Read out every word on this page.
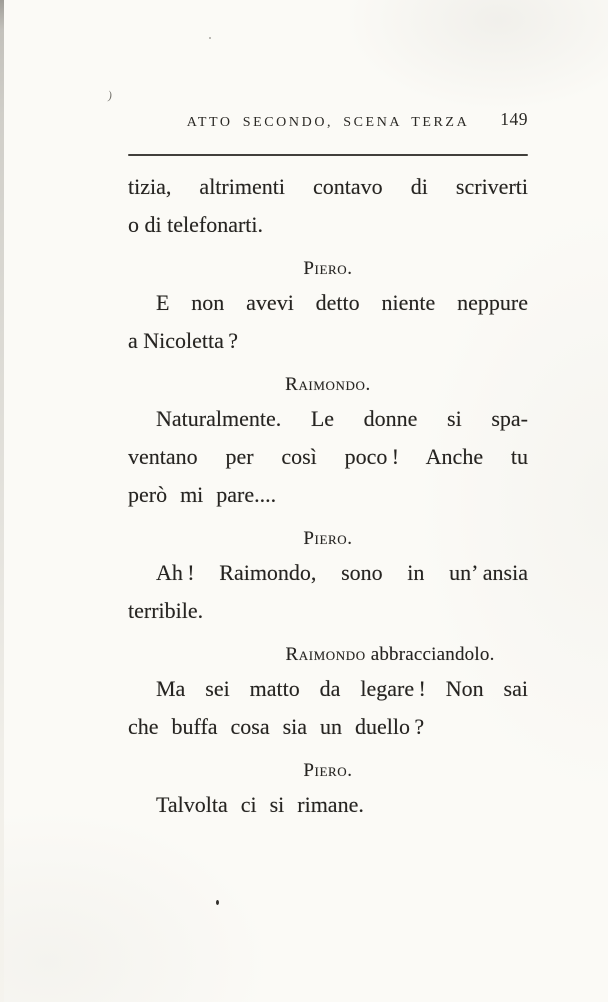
)
ATTO SECONDO, SCENA TERZA 149
tizia, altrimenti contavo di scriverti
o di telefonarti.
Piero.
E non avevi detto niente neppure
a Nicoletta ?
Raimondo.
Naturalmente. Le donne si spa-
ventano per così poco ! Anche tu
però mi pare....
Piero.
Ah ! Raimondo, sono in un’ ansia
terribile.
Raimondo abbracciandolo.
Ma sei matto da legare ! Non sai
che buffa cosa sia un duello ?
Piero.
Talvolta ci si rimane.
